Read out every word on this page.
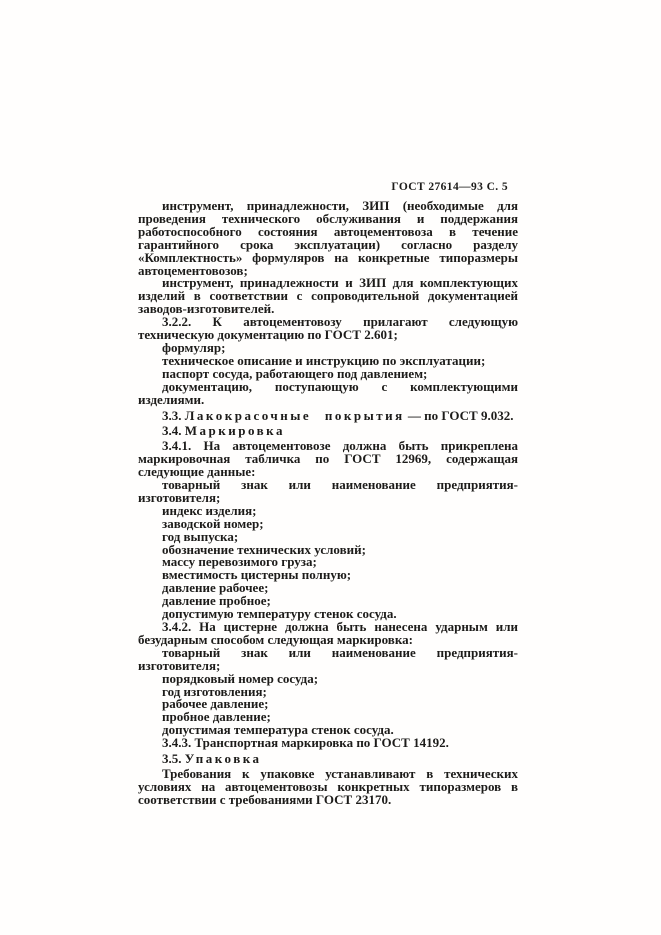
ГОСТ 27614—93 С. 5
инструмент, принадлежности, ЗИП (необходимые для проведения технического обслуживания и поддержания работоспособного состояния автоцементовоза в течение гарантийного срока эксплуатации) согласно разделу «Комплектность» формуляров на конкретные типоразмеры автоцементовозов;
инструмент, принадлежности и ЗИП для комплектующих изделий в соответствии с сопроводительной документацией заводов-изготовителей.
3.2.2. К автоцементовозу прилагают следующую техническую документацию по ГОСТ 2.601;
формуляр;
техническое описание и инструкцию по эксплуатации;
паспорт сосуда, работающего под давлением;
документацию, поступающую с комплектующими изделиями.
3.3. Лакокрасочные покрытия — по ГОСТ 9.032.
3.4. Маркировка
3.4.1. На автоцементовозе должна быть прикреплена маркировочная табличка по ГОСТ 12969, содержащая следующие данные:
товарный знак или наименование предприятия-изготовителя;
индекс изделия;
заводской номер;
год выпуска;
обозначение технических условий;
массу перевозимого груза;
вместимость цистерны полную;
давление рабочее;
давление пробное;
допустимую температуру стенок сосуда.
3.4.2. На цистерне должна быть нанесена ударным или безударным способом следующая маркировка:
товарный знак или наименование предприятия-изготовителя;
порядковый номер сосуда;
год изготовления;
рабочее давление;
пробное давление;
допустимая температура стенок сосуда.
3.4.3. Транспортная маркировка по ГОСТ 14192.
3.5. Упаковка
Требования к упаковке устанавливают в технических условиях на автоцементовозы конкретных типоразмеров в соответствии с требованиями ГОСТ 23170.
